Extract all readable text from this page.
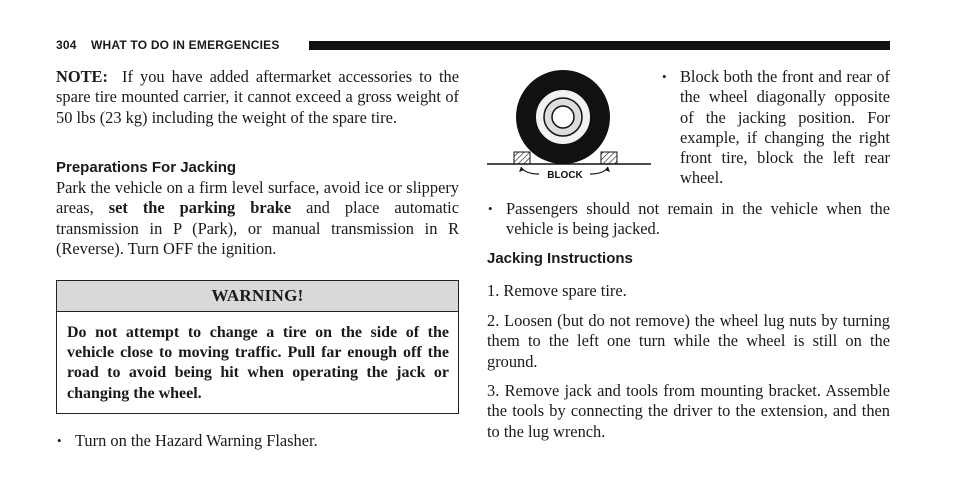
304 WHAT TO DO IN EMERGENCIES

NOTE: If you have added aftermarket accessories to the spare tire mounted carrier, it cannot exceed a gross weight of 50 lbs (23 kg) including the weight of the spare tire.

Preparations For Jacking

Park the vehicle on a firm level surface, avoid ice or slippery areas, set the parking brake and place automatic transmission in P (Park), or manual transmission in R (Reverse). Turn OFF the ignition.

WARNING!
Do not attempt to change a tire on the side of the vehicle close to moving traffic. Pull far enough off the road to avoid being hit when operating the jack or changing the wheel.
• Turn on the Hazard Warning Flasher.
BLOCK
• Block both the front and rear of the wheel diagonally opposite of the jacking position. For example, if changing the right front tire, block the left rear wheel.
• Passengers should not remain in the vehicle when the vehicle is being jacked.
Jacking Instructions
1. Remove spare tire.
2. Loosen (but do not remove) the wheel lug nuts by turning them to the left one turn while the wheel is still on the ground.
3. Remove jack and tools from mounting bracket. Assemble the tools by connecting the driver to the extension, and then to the lug wrench.
